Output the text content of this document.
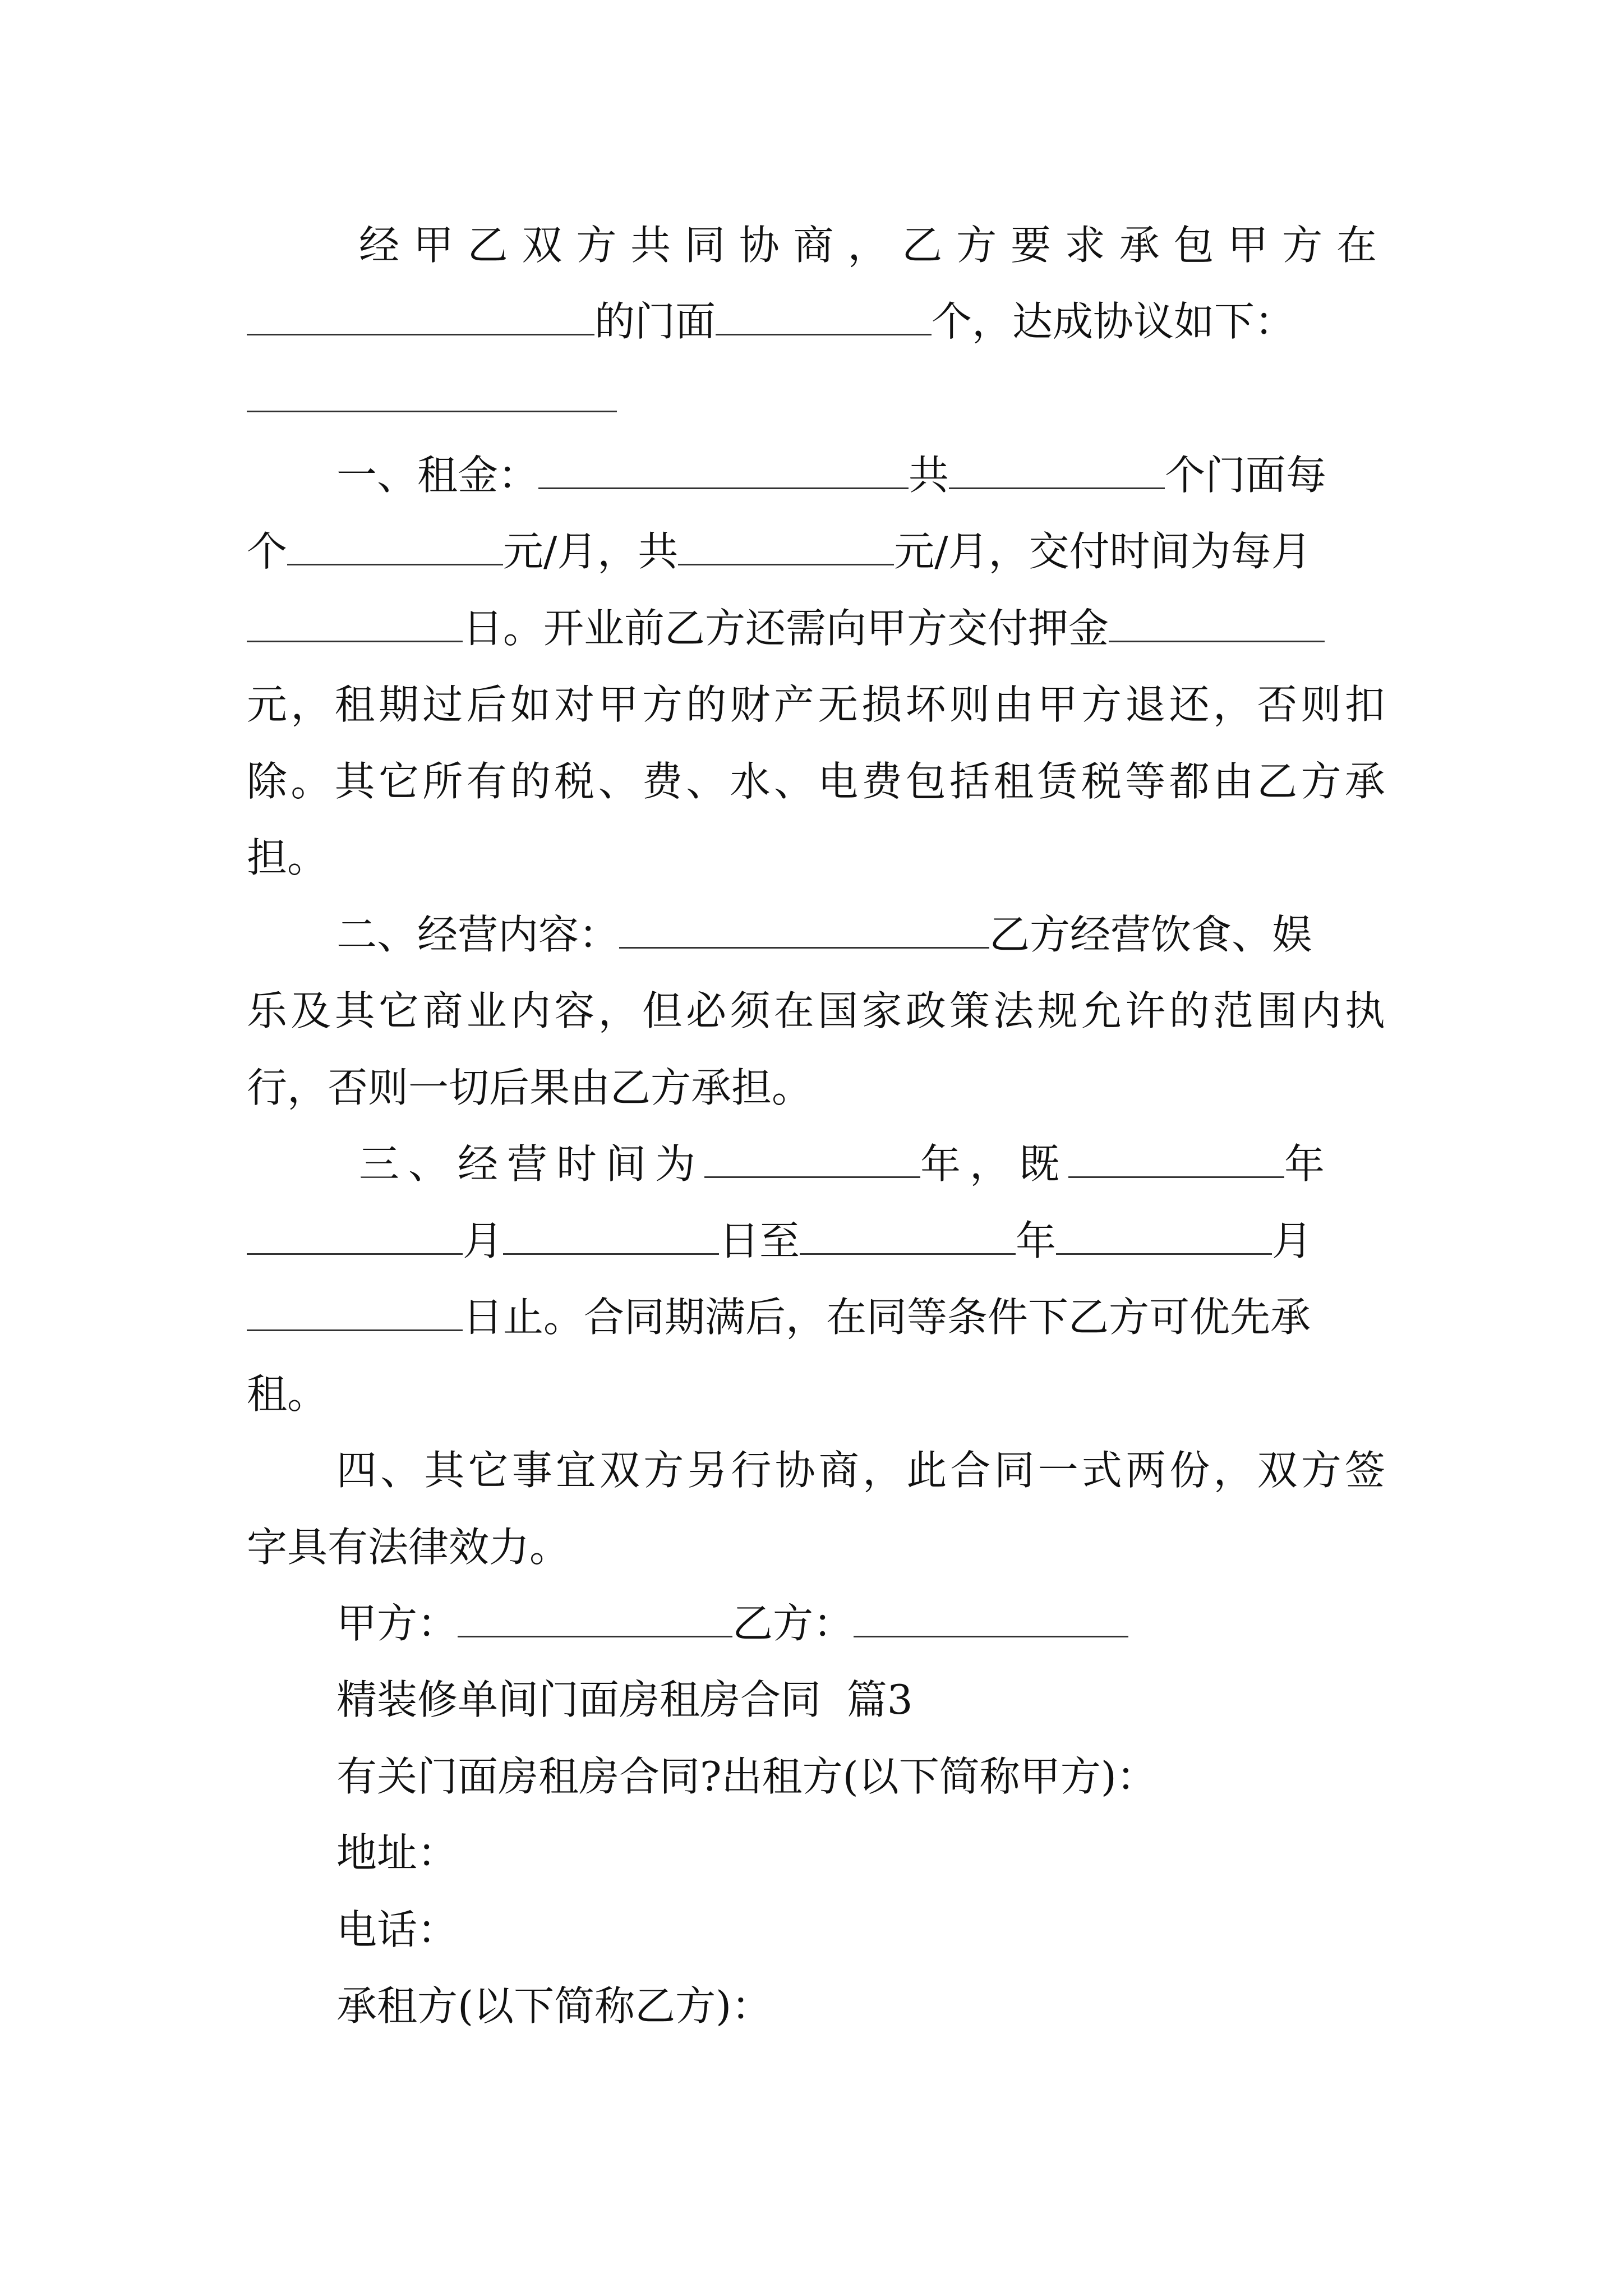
经 甲 乙 双 方 共 同 协 商 ， 乙 方 要 求 承 包 甲 方 在
的门面	个，达成协议如下：
一、租金：	共	个门面每
个	元/月，共	元/月，交付时间为每月
日。开业前乙方还需向甲方交付押金
元 ， 租 期 过 后 如 对 甲 方 的 财 产 无 损 坏 则 由 甲 方 退 还 ， 否 则 扣
除 。 其 它 所 有 的 税 、 费 、 水 、 电 费 包 括 租 赁 税 等 都 由 乙 方 承
担。
二、经营内容：	乙方经营饮食、娱
乐 及 其 它 商 业 内 容 ， 但 必 须 在 国 家 政 策 法 规 允 许 的 范 围 内 执
行，否则一切后果由乙方承担。
三、经营时间为	年，既	年
月	日至	年	月
日止。合同期满后，在同等条件下乙方可优先承
租。
四 、 其 它 事 宜 双 方 另 行 协 商 ， 此 合 同 一 式 两 份 ， 双 方 签
字具有法律效力。
甲方：	乙方：
精装修单间门面房租房合同  篇3
有关门面房租房合同?出租方(以下简称甲方)：
地址：
电话：
承租方(以下简称乙方)：
